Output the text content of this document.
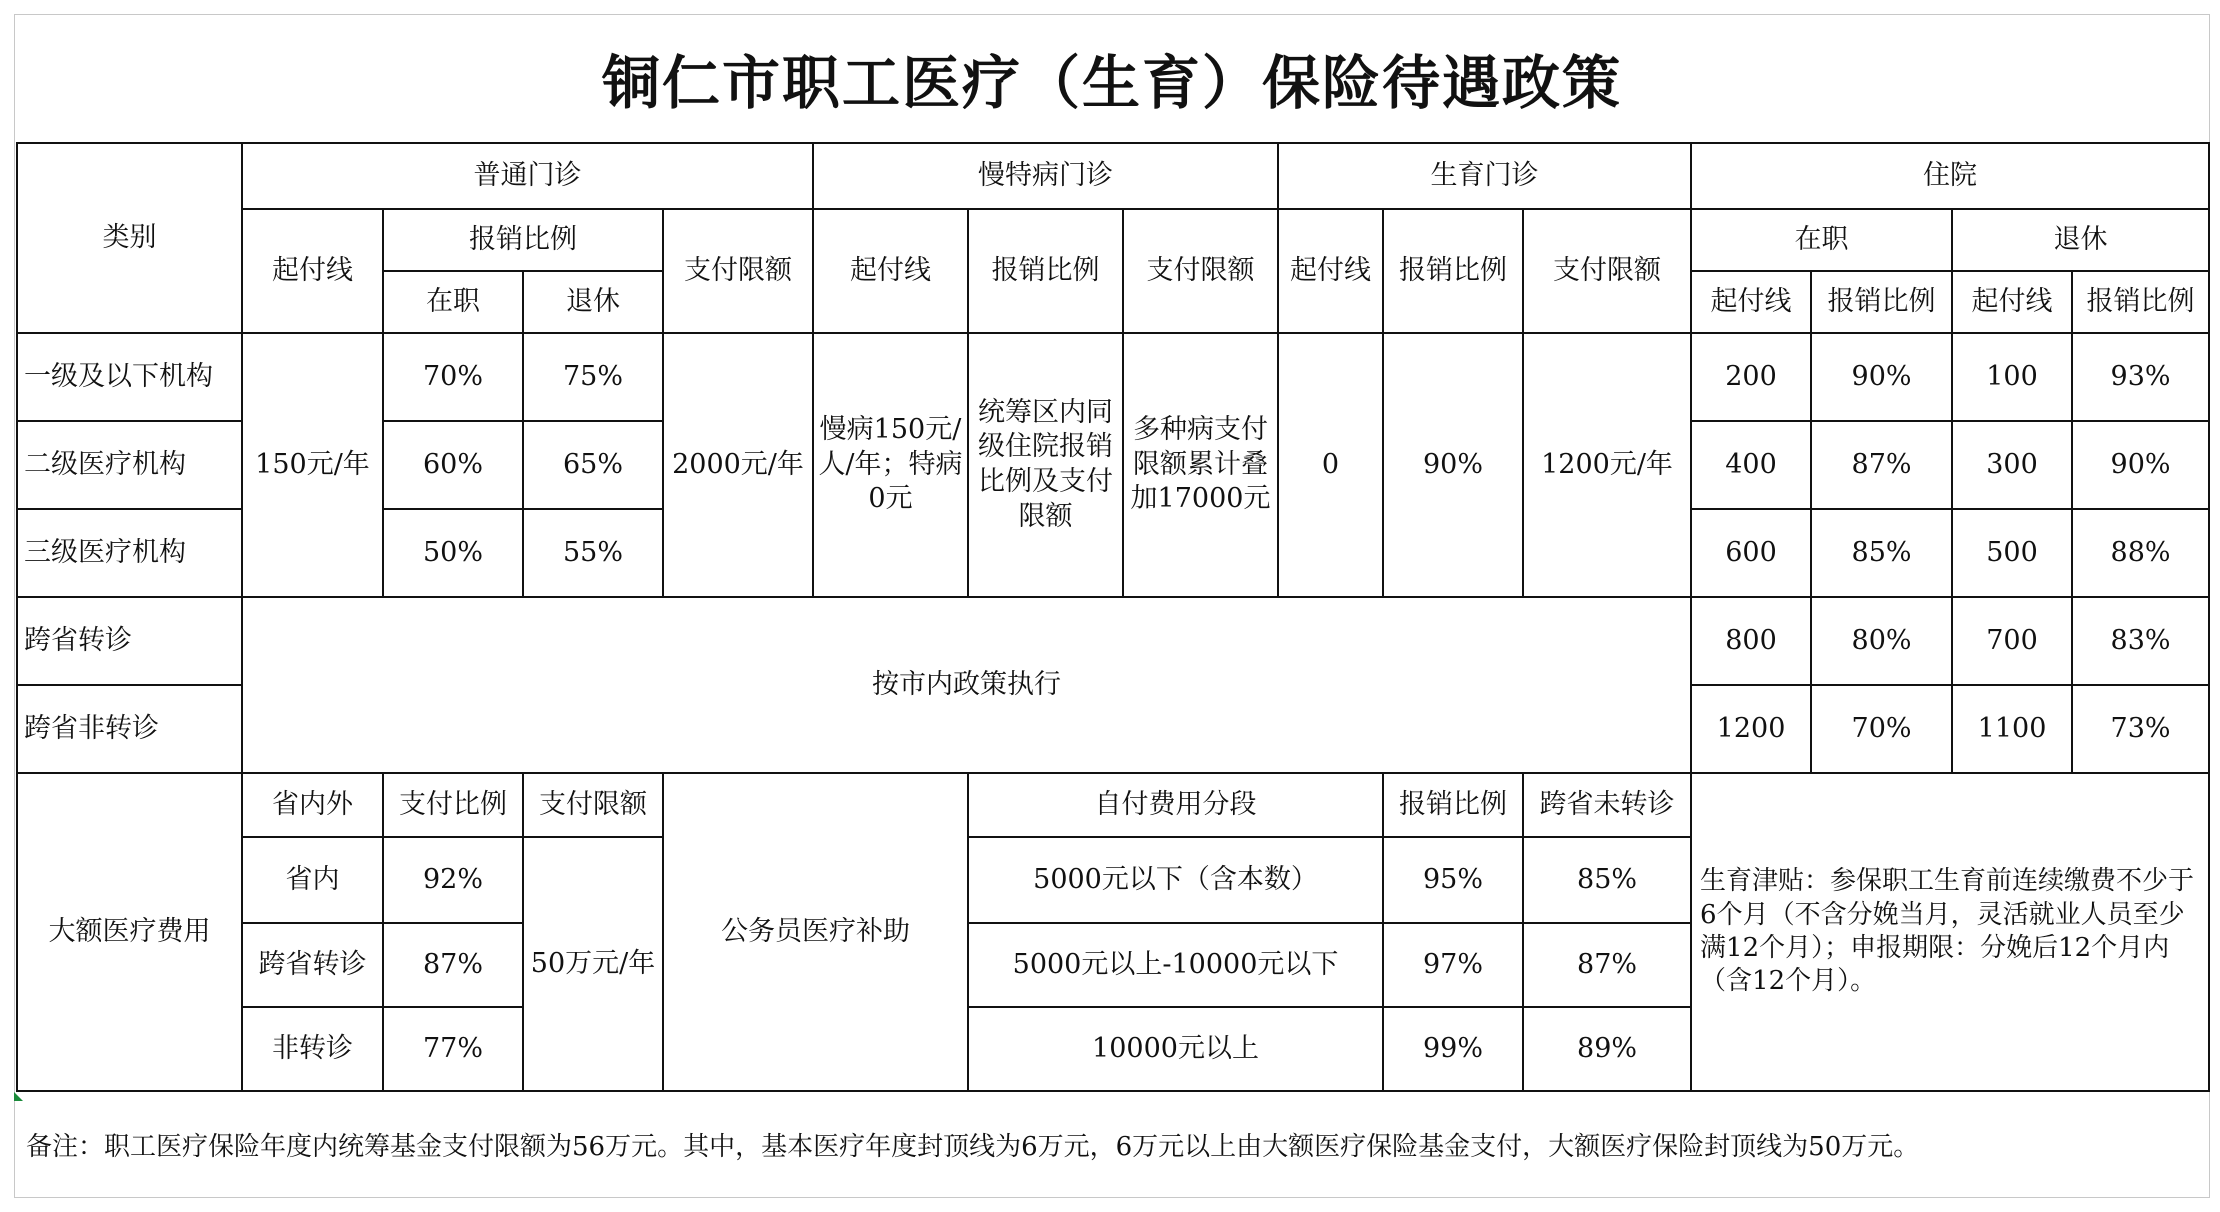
铜仁市职工医疗（生育）保险待遇政策
类别	普通门诊				慢特病门诊			生育门诊			住院			
	起付线	报销比例		支付限额	起付线	报销比例	支付限额	起付线	报销比例	支付限额	在职		退休	
		在职	退休								起付线	报销比例	起付线	报销比例
一级及以下机构	150元/年	70%	75%	2000元/年	慢病150元/人/年；特病0元	统筹区内同级住院报销比例及支付限额	多种病支付限额累计叠加17000元	0	90%	1200元/年	200	90%	100	93%
二级医疗机构		60%	65%								400	87%	300	90%
三级医疗机构		50%	55%								600	85%	500	88%
跨省转诊	按市内政策执行										800	80%	700	83%
跨省非转诊											1200	70%	1100	73%
大额医疗费用	省内外	支付比例	支付限额	公务员医疗补助		自付费用分段			报销比例	跨省未转诊	生育津贴：参保职工生育前连续缴费不少于6个月（不含分娩当月，灵活就业人员至少满12个月）；申报期限：分娩后12个月内（含12个月）。			
	省内	92%	50万元/年			5000元以下（含本数）			95%	85%				
	跨省转诊	87%				5000元以上-10000元以下			97%	87%				
	非转诊	77%				10000元以上			99%	89%				
备注：职工医疗保险年度内统筹基金支付限额为56万元。其中，基本医疗年度封顶线为6万元，6万元以上由大额医疗保险基金支付，大额医疗保险封顶线为50万元。
